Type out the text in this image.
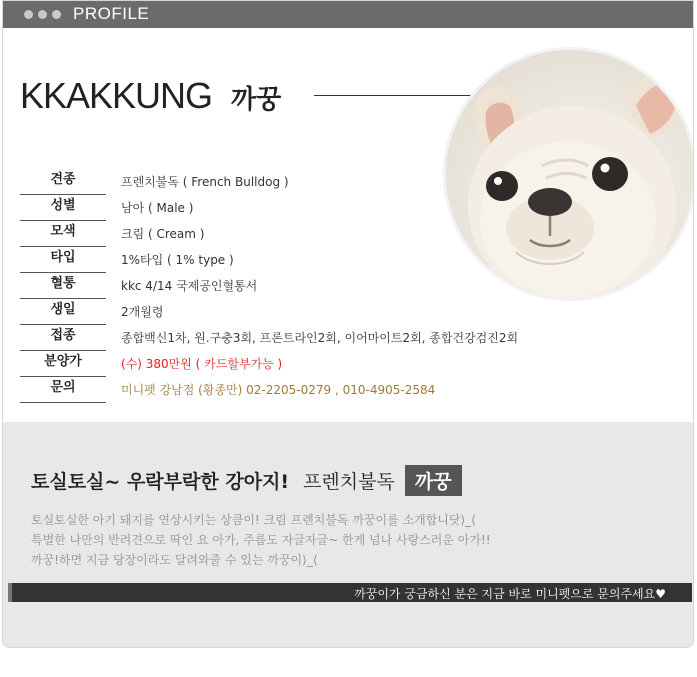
PROFILE
KKAKKUNG 까꿍
견종	프렌치불독 ( French Bulldog )
성별	남아 ( Male )
모색	크림 ( Cream )
타입	1%타입 ( 1% type )
혈통	kkc 4/14 국제공인혈통서
생일	2개월령
접종	종합백신1차, 원.구충3회, 프론트라인2회, 이어마이트2회, 종합건강검진2회
분양가	(수) 380만원 ( 카드할부가능 )
문의	미니펫 강남점 (황종만) 02-2205-0279 , 010-4905-2584
토실토실~ 우락부락한 강아지! 프렌치불독 까꿍
토실토실한 아기 돼지를 연상시키는 상큼이! 크림 프렌치불독 까꿍이를 소개합니닷⟩_⟨
특별한 나만의 반려견으로 딱인 요 아가, 주름도 자글자글~ 한게 넘나 사랑스러운 아가!!
까꿍!하면 지금 당장이라도 달려와줄 수 있는 까꿍이⟩_⟨
까꿍이가 궁금하신 분은 지금 바로 미니펫으로 문의주세요♥
